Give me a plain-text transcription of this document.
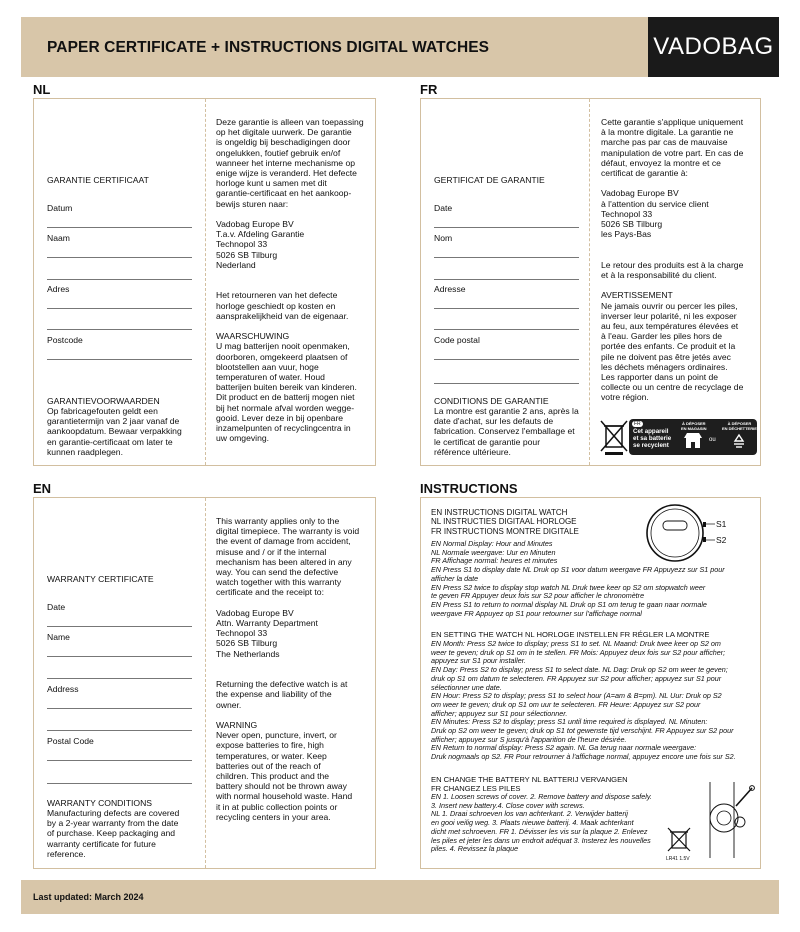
PAPER CERTIFICATE + INSTRUCTIONS DIGITAL WATCHES	VADOBAG
NL
GARANTIE CERTIFICAAT
Datum
Naam
Adres
Postcode
GARANTIEVOORWAARDEN
Op fabricagefouten geldt een
garantietermijn van 2 jaar vanaf de
aankoopdatum. Bewaar verpakking
en garantie-certificaat om later te
kunnen raadplegen.
Deze garantie is alleen van toepassing
op het digitale uurwerk. De garantie
is ongeldig bij beschadigingen door
ongelukken, foutief gebruik en/of
wanneer het interne mechanisme op
enige wijze is veranderd. Het defecte
horloge kunt u samen met dit
garantie-certificaat en het aankoop-
bewijs sturen naar:

Vadobag Europe BV
T.a.v. Afdeling Garantie
Technopol 33
5026 SB Tilburg
Nederland

Het retourneren van het defecte
horloge geschiedt op kosten en
aansprakelijkheid van de eigenaar.

WAARSCHUWING
U mag batterijen nooit openmaken,
doorboren, omgekeerd plaatsen of
blootstellen aan vuur, hoge
temperaturen of water. Houd
batterijen buiten bereik van kinderen.
Dit product en de batterij mogen niet
bij het normale afval worden wegge-
gooid. Lever deze in bij openbare
inzamelpunten of recyclingcentra in
uw omgeving.
FR
GERTIFICAT DE GARANTIE
Date
Nom
Adresse
Code postal
CONDITIONS DE GARANTIE
La montre est garantie 2 ans, après la
date d'achat, sur les defauts de
fabrication. Conservez l'emballage et
le certificat de garantie pour
référence ultérieure.
Cette garantie s'applique uniquement
à la montre digitale. La garantie ne
marche pas par cas de mauvaise
manipulation de votre part. En cas de
défaut, envoyez la montre et ce
certificat de garantie à:

Vadobag Europe BV
à l'attention du service client
Technopol 33
5026 SB Tilburg
les Pays-Bas

Le retour des produits est à la charge
et à la responsabilité du client.

AVERTISSEMENT
Ne jamais ouvrir ou percer les piles,
inverser leur polarité, ni les exposer
au feu, aux températures élevées et
à l'eau. Garder les piles hors de
portée des enfants. Ce produit et la
pile ne doivent pas être jetés avec
les déchets ménagers ordinaires.
Les rapporter dans un point de
collecte ou un centre de recyclage de
votre région.
FR
Cet appareil
et sa batterie
se recyclent
À DÉPOSER
EN MAGASIN
ou
À DÉPOSER
EN DÉCHETTERIE
EN
WARRANTY CERTIFICATE
Date
Name
Address
Postal Code
WARRANTY CONDITIONS
Manufacturing defects are covered
by a 2-year warranty from the date
of purchase. Keep packaging and
warranty certificate for future
reference.
This warranty applies only to the
digital timepiece. The warranty is void
the event of damage from accident,
misuse and / or if the internal
mechanism has been altered in any
way. You can send the defective
watch together with this warranty
certificate and the receipt to:

Vadobag Europe BV
Attn. Warranty Department
Technopol 33
5026 SB Tilburg
The Netherlands

Returning the defective watch is at
the expense and liability of the
owner.

WARNING
Never open, puncture, invert, or
expose batteries to fire, high
temperatures, or water. Keep
batteries out of the reach of
children. This product and the
battery should not be thrown away
with normal household waste. Hand
it in at public collection points or
recycling centers in your area.
INSTRUCTIONS
EN INSTRUCTIONS DIGITAL WATCH
NL INSTRUCTIES DIGITAAL HORLOGE
FR INSTRUCTIONS MONTRE DIGITALE
S1
S2
EN Normal Display: Hour and Minutes
NL Normale weergave: Uur en Minuten
FR Affichage normal: heures et minutes
EN Press S1 to display date NL Druk op S1 voor datum weergave FR Appuyezz sur S1 pour
afficher la date
EN Press S2 twice to display stop watch NL Druk twee keer op S2 om stopwatch weer
te geven FR Appuyer deux fois sur S2 pour afficher le chronomètre
EN Press S1 to return to normal display NL Druk op S1 om terug te gaan naar normale
weergave FR Appuyez op S1 pour retourner sur l'affichage normal
EN SETTING THE WATCH NL HORLOGE INSTELLEN FR RÉGLER LA MONTRE
EN Month: Press S2 twice to display; press S1 to set. NL Maand: Druk twee keer op S2 om
weer te geven; druk op S1 om in te stellen. FR Mois: Appuyez deux fois sur S2 pour afficher;
appuyez sur S1 pour installer.
EN Day: Press S2 to display; press S1 to select date. NL Dag: Druk op S2 om weer te geven;
druk op S1 om datum te selecteren. FR Appuyez sur S2 pour afficher; appuyez sur S1 pour
sélectionner une date.
EN Hour: Press S2 to display; press S1 to select hour (A=am & B=pm). NL Uur: Druk op S2
om weer te geven; druk op S1 om uur te selecteren. FR Heure: Appuyez sur S2 pour
afficher; appuyez sur S1 pour sélectionner.
EN Minutes: Press S2 to display; press S1 until time required is displayed. NL Minuten:
Druk op S2 om weer te geven; druk op S1 tot gewenste tijd verschijnt. FR Appuyez sur S2 pour
afficher; appuyez sur S jusqu'à l'apparition de l'heure désirée.
EN Return to normal display: Press S2 again. NL Ga terug naar normale weergave:
Druk nogmaals op S2. FR Pour retrourner à l'affichage normal, appuyez encore une fois sur S2.
EN CHANGE THE BATTERY NL BATTERIJ VERVANGEN
FR CHANGEZ LES PILES
EN 1. Loosen screws of cover. 2. Remove battery and dispose safely.
3. Insert new battery.4. Close cover with screws.
NL 1. Draai schroeven los van achterkant. 2. Verwijder batterij
en gooi veilig weg. 3. Plaats nieuwe batterij. 4. Maak achterkant
dicht met schroeven. FR 1. Dévisser les vis sur la plaque 2. Enlevez
les piles et jeter les dans un endroit adéquat 3. Insterez les nouvelles
piles. 4. Revissez la plaque
LR41 1.5V
Last updated: March 2024
